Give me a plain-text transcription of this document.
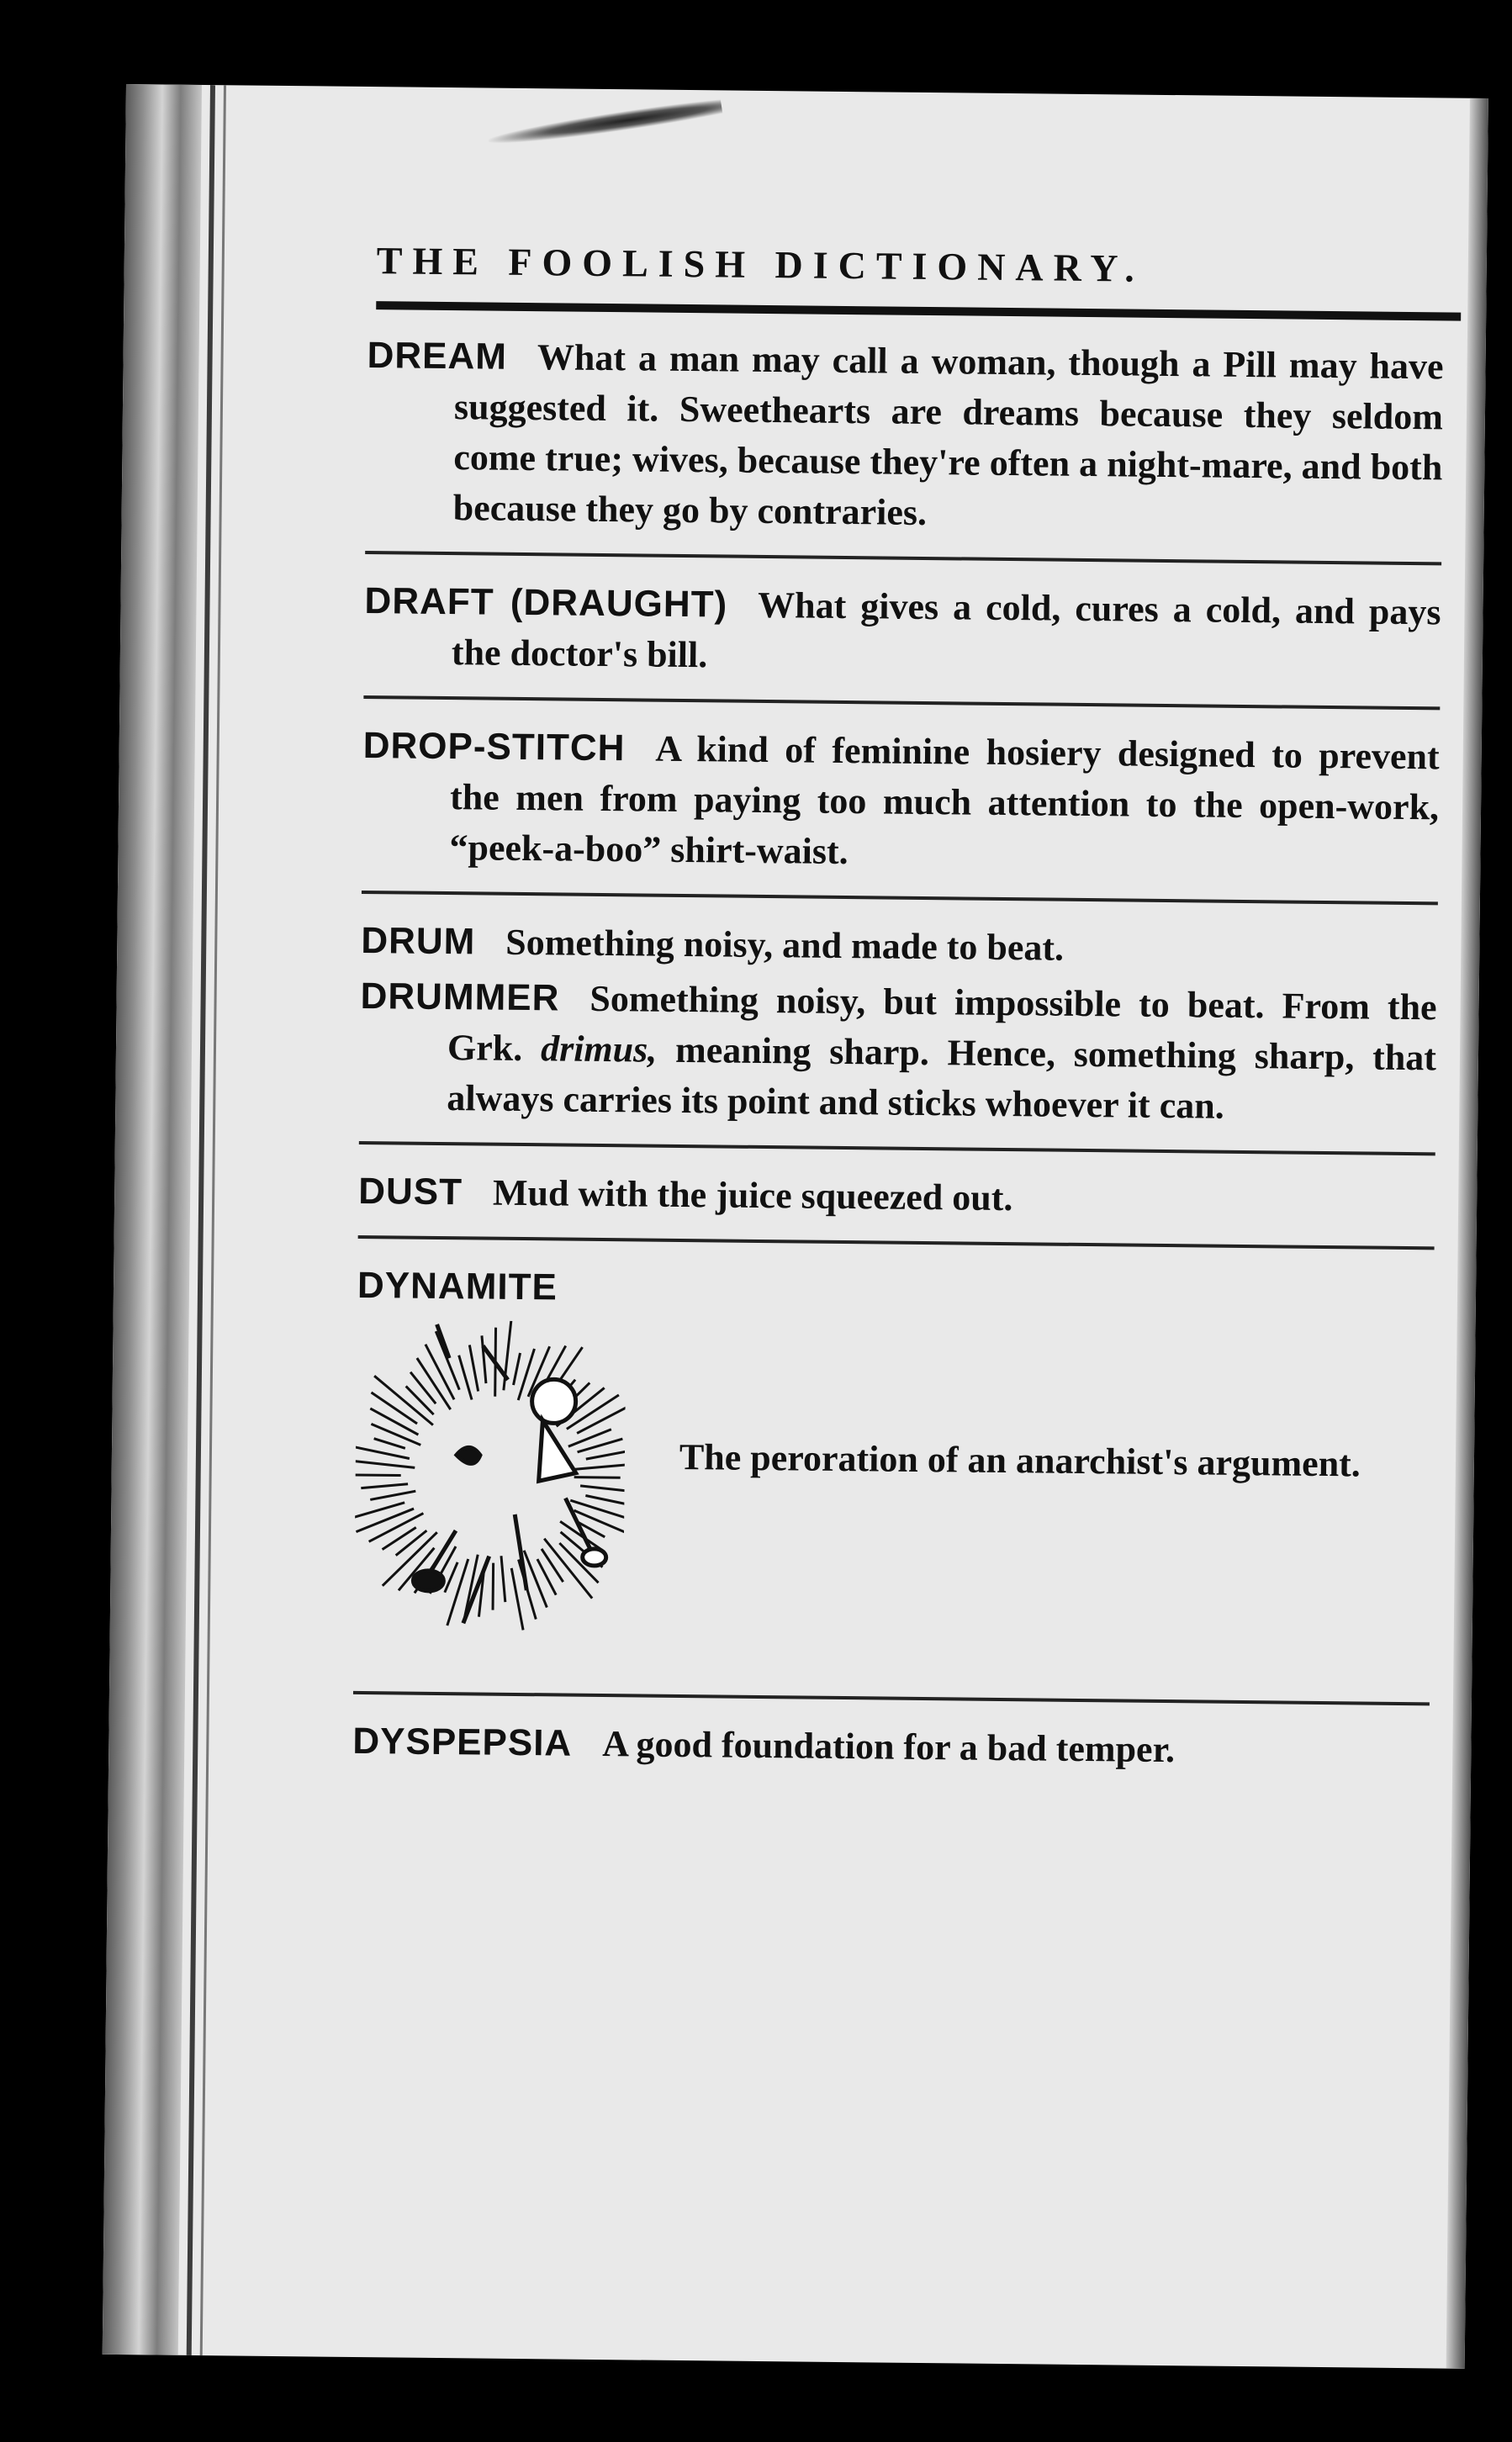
THE FOOLISH DICTIONARY.
DREAM What a man may call a woman, though a Pill may have suggested it. Sweethearts are dreams because they seldom come true; wives, because they're often a night-mare, and both because they go by contraries.
DRAFT (DRAUGHT) What gives a cold, cures a cold, and pays the doctor's bill.
DROP-STITCH A kind of feminine hosiery designed to prevent the men from paying too much attention to the open-work, “peek-a-boo” shirt-waist.
DRUM Something noisy, and made to beat.
DRUMMER Something noisy, but impossible to beat. From the Grk. drimus, meaning sharp. Hence, something sharp, that always carries its point and sticks whoever it can.
DUST Mud with the juice squeezed out.
DYNAMITE
The peroration of an anarchist's argument.
DYSPEPSIA A good foundation for a bad temper.
